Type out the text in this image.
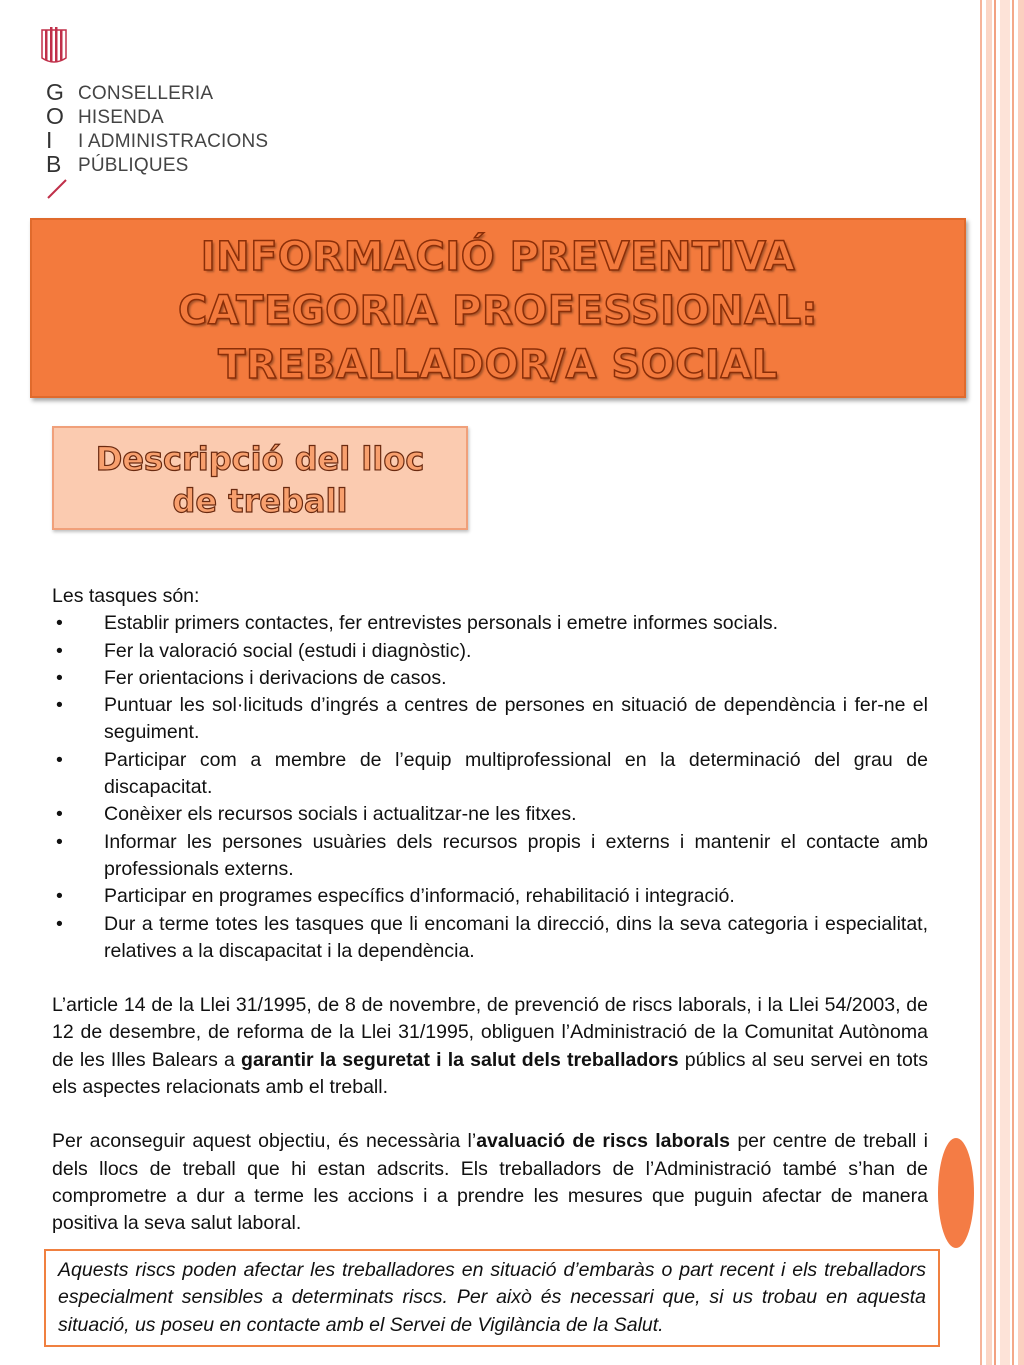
G
O
I
B
CONSELLERIA
HISENDA
I ADMINISTRACIONS
PÚBLIQUES
INFORMACIÓ PREVENTIVA
CATEGORIA PROFESSIONAL:
TREBALLADOR/A SOCIAL
Descripció del lloc
de treball

Les tasques són:

• Establir primers contactes, fer entrevistes personals i emetre informes socials.
• Fer la valoració social (estudi i diagnòstic).
• Fer orientacions i derivacions de casos.
• Puntuar les sol·licituds d’ingrés a centres de persones en situació de dependència i fer-ne el seguiment.
• Participar com a membre de l’equip multiprofessional en la determinació del grau de discapacitat.
• Conèixer els recursos socials i actualitzar-ne les fitxes.
• Informar les persones usuàries dels recursos propis i externs i mantenir el contacte amb professionals externs.
• Participar en programes específics d’informació, rehabilitació i integració.
• Dur a terme totes les tasques que li encomani la direcció, dins la seva categoria i especialitat, relatives a la discapacitat i la dependència.

L’article 14 de la Llei 31/1995, de 8 de novembre, de prevenció de riscs laborals, i la Llei 54/2003, de 12 de desembre, de reforma de la Llei 31/1995, obliguen l’Administració de la Comunitat Autònoma de les Illes Balears a garantir la seguretat i la salut dels treballadors públics al seu servei en tots els aspectes relacionats amb el treball.

Per aconseguir aquest objectiu, és necessària l’avaluació de riscs laborals per centre de treball i dels llocs de treball que hi estan adscrits. Els treballadors de l’Administració també s’han de comprometre a dur a terme les accions i a prendre les mesures que puguin afectar de manera positiva la seva salut laboral.

Aquests riscs poden afectar les treballadores en situació d’embaràs o part recent i els treballadors especialment sensibles a determinats riscs. Per això és necessari que, si us trobau en aquesta situació, us poseu en contacte amb el Servei de Vigilància de la Salut.
